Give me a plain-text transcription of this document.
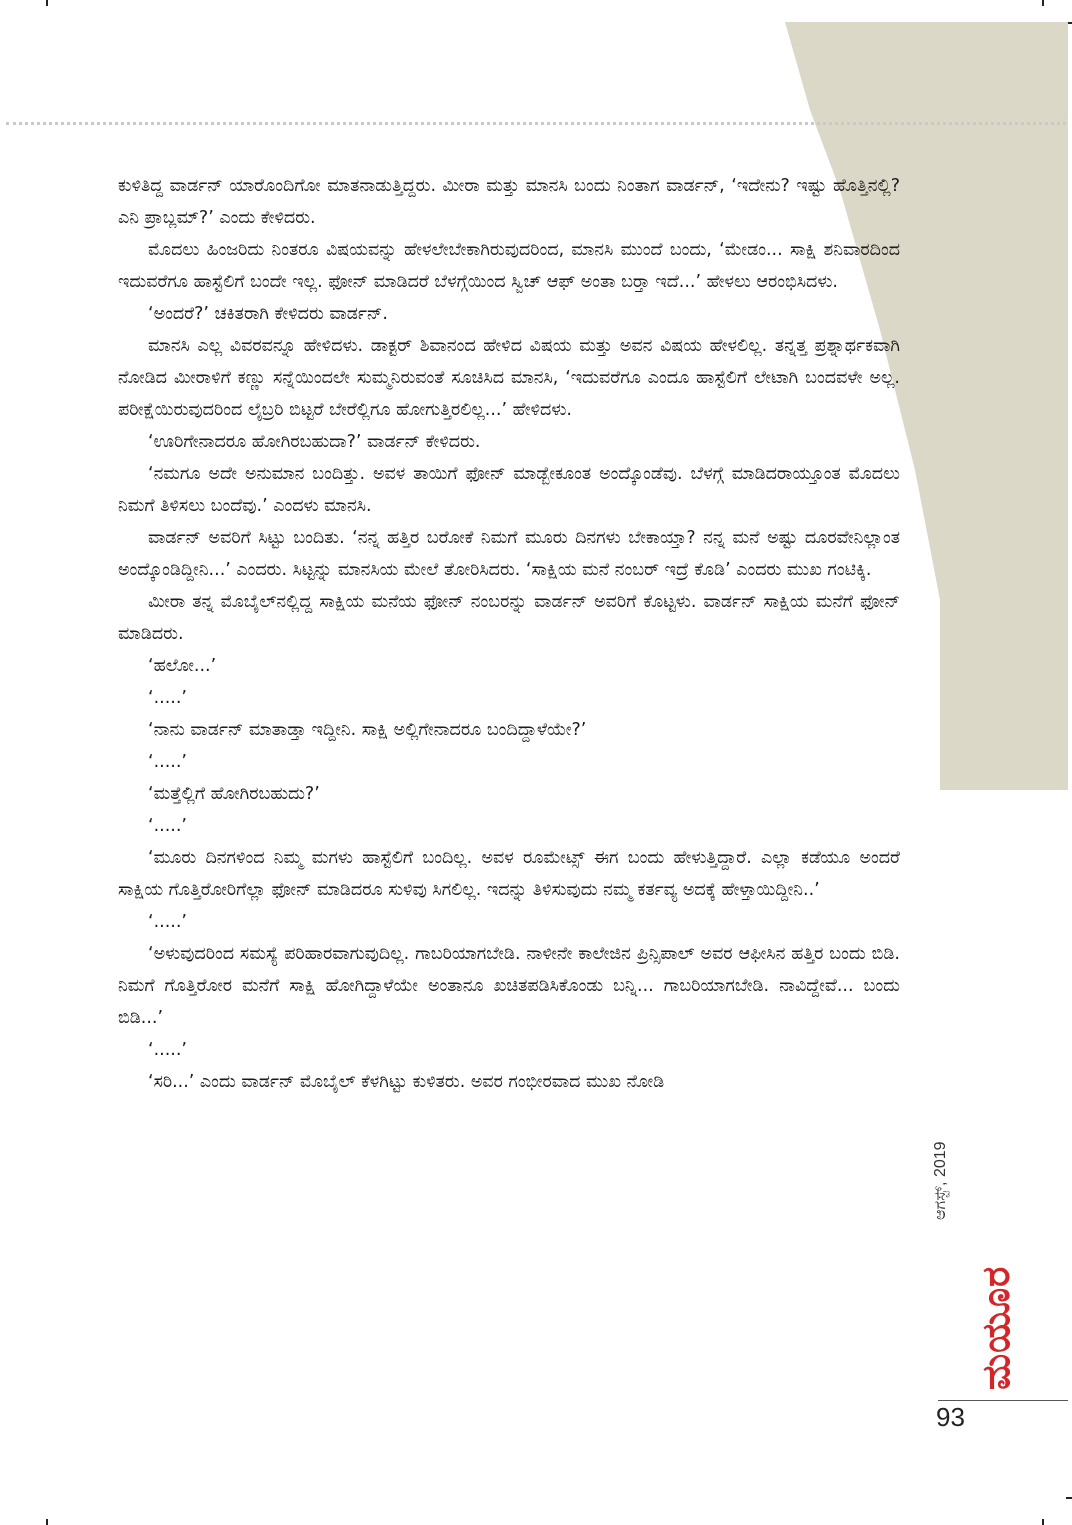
ಕುಳಿತಿದ್ದ ವಾರ್ಡನ್ ಯಾರೊಂದಿಗೋ ಮಾತನಾಡುತ್ತಿದ್ದರು. ಮೀರಾ ಮತ್ತು ಮಾನಸಿ ಬಂದು ನಿಂತಾಗ ವಾರ್ಡನ್, ‘ಇದೇನು? ಇಷ್ಟು ಹೊತ್ತಿನಲ್ಲಿ? ಎನಿ ಪ್ರಾಬ್ಲಮ್?’ ಎಂದು ಕೇಳಿದರು.

ಮೊದಲು ಹಿಂಜರಿದು ನಿಂತರೂ ವಿಷಯವನ್ನು ಹೇಳಲೇಬೇಕಾಗಿರುವುದರಿಂದ, ಮಾನಸಿ ಮುಂದೆ ಬಂದು, ‘ಮೇಡಂ... ಸಾಕ್ಷಿ ಶನಿವಾರದಿಂದ ಇದುವರೆಗೂ ಹಾಸ್ಟೆಲಿಗೆ ಬಂದೇ ಇಲ್ಲ. ಫೋನ್ ಮಾಡಿದರೆ ಬೆಳಗ್ಗೆಯಿಂದ ಸ್ವಿಚ್ ಆಫ್ ಅಂತಾ ಬರ್‍ತಾ ಇದೆ...’ ಹೇಳಲು ಆರಂಭಿಸಿದಳು.

‘ಅಂದರೆ?’ ಚಕಿತರಾಗಿ ಕೇಳಿದರು ವಾರ್ಡನ್.

ಮಾನಸಿ ಎಲ್ಲ ವಿವರವನ್ನೂ ಹೇಳಿದಳು. ಡಾಕ್ಟರ್ ಶಿವಾನಂದ ಹೇಳಿದ ವಿಷಯ ಮತ್ತು ಅವನ ವಿಷಯ ಹೇಳಲಿಲ್ಲ. ತನ್ನತ್ತ ಪ್ರಶ್ನಾರ್ಥಕವಾಗಿ ನೋಡಿದ ಮೀರಾಳಿಗೆ ಕಣ್ಣು ಸನ್ನೆಯಿಂದಲೇ ಸುಮ್ಮನಿರುವಂತೆ ಸೂಚಿಸಿದ ಮಾನಸಿ, ‘ಇದುವರೆಗೂ ಎಂದೂ ಹಾಸ್ಟೆಲಿಗೆ ಲೇಟಾಗಿ ಬಂದವಳೇ ಅಲ್ಲ. ಪರೀಕ್ಷೆಯಿರುವುದರಿಂದ ಲೈಬ್ರರಿ ಬಿಟ್ಟರೆ ಬೇರೆಲ್ಲಿಗೂ ಹೋಗುತ್ತಿರಲಿಲ್ಲ...’ ಹೇಳಿದಳು.

‘ಊರಿಗೇನಾದರೂ ಹೋಗಿರಬಹುದಾ?’ ವಾರ್ಡನ್ ಕೇಳಿದರು.

‘ನಮಗೂ ಅದೇ ಅನುಮಾನ ಬಂದಿತ್ತು. ಅವಳ ತಾಯಿಗೆ ಫೋನ್ ಮಾಡ್ಬೇಕೂಂತ ಅಂದ್ಕೊಂಡೆವು. ಬೆಳಗ್ಗೆ ಮಾಡಿದರಾಯ್ತೂಂತ ಮೊದಲು ನಿಮಗೆ ತಿಳಿಸಲು ಬಂದೆವು.’ ಎಂದಳು ಮಾನಸಿ.

ವಾರ್ಡನ್ ಅವರಿಗೆ ಸಿಟ್ಟು ಬಂದಿತು. ‘ನನ್ನ ಹತ್ತಿರ ಬರೋಕೆ ನಿಮಗೆ ಮೂರು ದಿನಗಳು ಬೇಕಾಯ್ತಾ? ನನ್ನ ಮನೆ ಅಷ್ಟು ದೂರವೇನಿಲ್ಲಾಂತ ಅಂದ್ಕೊಂಡಿದ್ದೀನಿ...’ ಎಂದರು. ಸಿಟ್ಟನ್ನು ಮಾನಸಿಯ ಮೇಲೆ ತೋರಿಸಿದರು. ‘ಸಾಕ್ಷಿಯ ಮನೆ ನಂಬರ್ ಇದ್ರೆ ಕೊಡಿ’ ಎಂದರು ಮುಖ ಗಂಟಿಕ್ಕಿ.

ಮೀರಾ ತನ್ನ ಮೊಬೈಲ್‌ನಲ್ಲಿದ್ದ ಸಾಕ್ಷಿಯ ಮನೆಯ ಫೋನ್ ನಂಬರನ್ನು ವಾರ್ಡನ್ ಅವರಿಗೆ ಕೊಟ್ಟಳು. ವಾರ್ಡನ್ ಸಾಕ್ಷಿಯ ಮನೆಗೆ ಫೋನ್ ಮಾಡಿದರು.

‘ಹಲೋ...’

‘.....’

‘ನಾನು ವಾರ್ಡನ್ ಮಾತಾಡ್ತಾ ಇದ್ದೀನಿ. ಸಾಕ್ಷಿ ಅಲ್ಲಿಗೇನಾದರೂ ಬಂದಿದ್ದಾಳೆಯೇ?’

‘.....’

‘ಮತ್ತೆಲ್ಲಿಗೆ ಹೋಗಿರಬಹುದು?’

‘.....’

‘ಮೂರು ದಿನಗಳಿಂದ ನಿಮ್ಮ ಮಗಳು ಹಾಸ್ಟೆಲಿಗೆ ಬಂದಿಲ್ಲ. ಅವಳ ರೂಮೇಟ್ಸ್ ಈಗ ಬಂದು ಹೇಳುತ್ತಿದ್ದಾರೆ. ಎಲ್ಲಾ ಕಡೆಯೂ ಅಂದರೆ ಸಾಕ್ಷಿಯ ಗೊತ್ತಿರೋರಿಗೆಲ್ಲಾ ಫೋನ್ ಮಾಡಿದರೂ ಸುಳಿವು ಸಿಗಲಿಲ್ಲ. ಇದನ್ನು ತಿಳಿಸುವುದು ನಮ್ಮ ಕರ್ತವ್ಯ ಅದಕ್ಕೆ ಹೇಳ್ತಾಯಿದ್ದೀನಿ..’

‘.....’

‘ಅಳುವುದರಿಂದ ಸಮಸ್ಯೆ ಪರಿಹಾರವಾಗುವುದಿಲ್ಲ. ಗಾಬರಿಯಾಗಬೇಡಿ. ನಾಳೀನೇ ಕಾಲೇಜಿನ ಪ್ರಿನ್ಸಿಪಾಲ್ ಅವರ ಆಫೀಸಿನ ಹತ್ತಿರ ಬಂದು ಬಿಡಿ. ನಿಮಗೆ ಗೊತ್ತಿರೋರ ಮನೆಗೆ ಸಾಕ್ಷಿ ಹೋಗಿದ್ದಾಳೆಯೇ ಅಂತಾನೂ ಖಚಿತಪಡಿಸಿಕೊಂಡು ಬನ್ನಿ... ಗಾಬರಿಯಾಗಬೇಡಿ. ನಾವಿದ್ದೇವೆ... ಬಂದು ಬಿಡಿ...’

‘.....’

‘ಸರಿ...’ ಎಂದು ವಾರ್ಡನ್ ಮೊಬೈಲ್ ಕೆಳಗಿಟ್ಟು ಕುಳಿತರು. ಅವರ ಗಂಭೀರವಾದ ಮುಖ ನೋಡಿ

ಆಗಸ್ಟ್, 2019
ಮಯೂರ
93
